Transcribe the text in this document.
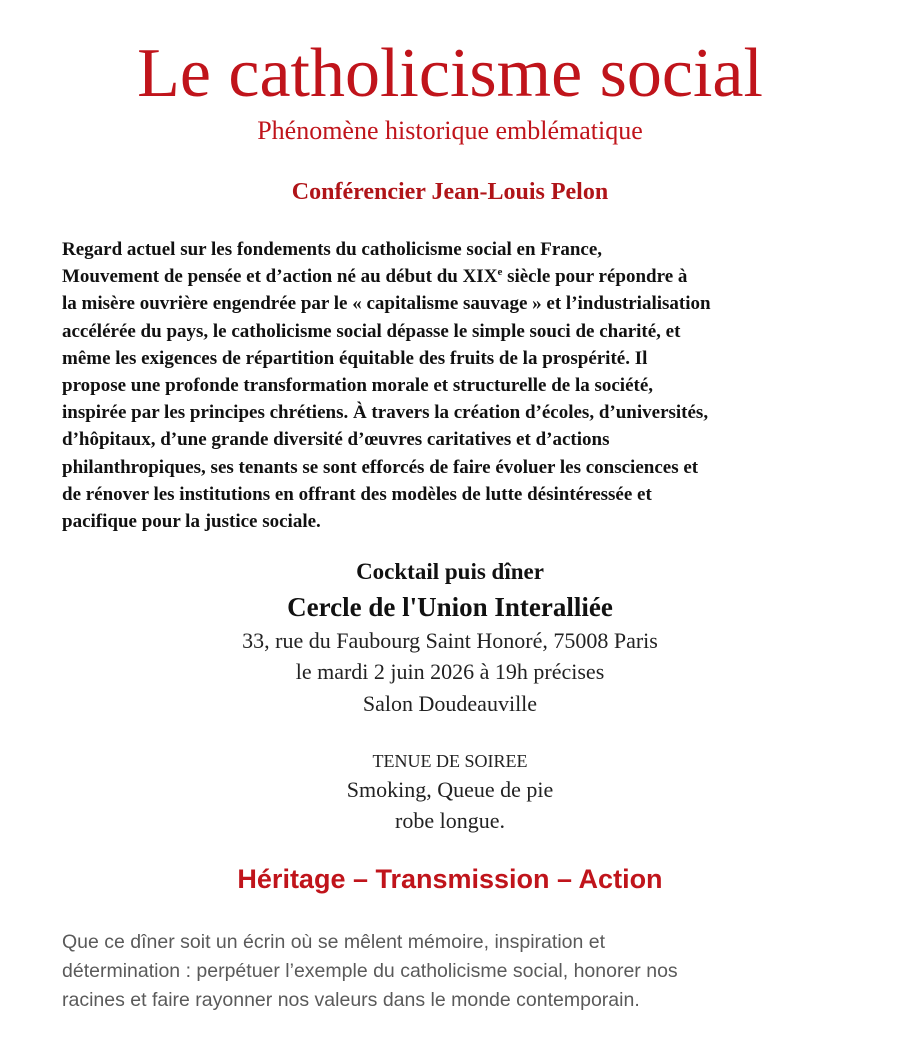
Le catholicisme social
Phénomène historique emblématique
Conférencier Jean-Louis Pelon
Regard actuel sur les fondements du catholicisme social en France,
Mouvement de pensée et d’action né au début du XIXe siècle pour répondre à
la misère ouvrière engendrée par le « capitalisme sauvage » et l’industrialisation
accélérée du pays, le catholicisme social dépasse le simple souci de charité, et
même les exigences de répartition équitable des fruits de la prospérité. Il
propose une profonde transformation morale et structurelle de la société,
inspirée par les principes chrétiens. À travers la création d’écoles, d’universités,
d’hôpitaux, d’une grande diversité d’œuvres caritatives et d’actions
philanthropiques, ses tenants se sont efforcés de faire évoluer les consciences et
de rénover les institutions en offrant des modèles de lutte désintéressée et
pacifique pour la justice sociale.
Cocktail puis dîner
Cercle de l'Union Interalliée
33, rue du Faubourg Saint Honoré, 75008 Paris
le mardi 2 juin 2026 à 19h précises
Salon Doudeauville
TENUE DE SOIREE
Smoking, Queue de pie
robe longue.
Héritage – Transmission – Action
Que ce dîner soit un écrin où se mêlent mémoire, inspiration et
détermination : perpétuer l’exemple du catholicisme social, honorer nos
racines et faire rayonner nos valeurs dans le monde contemporain.
